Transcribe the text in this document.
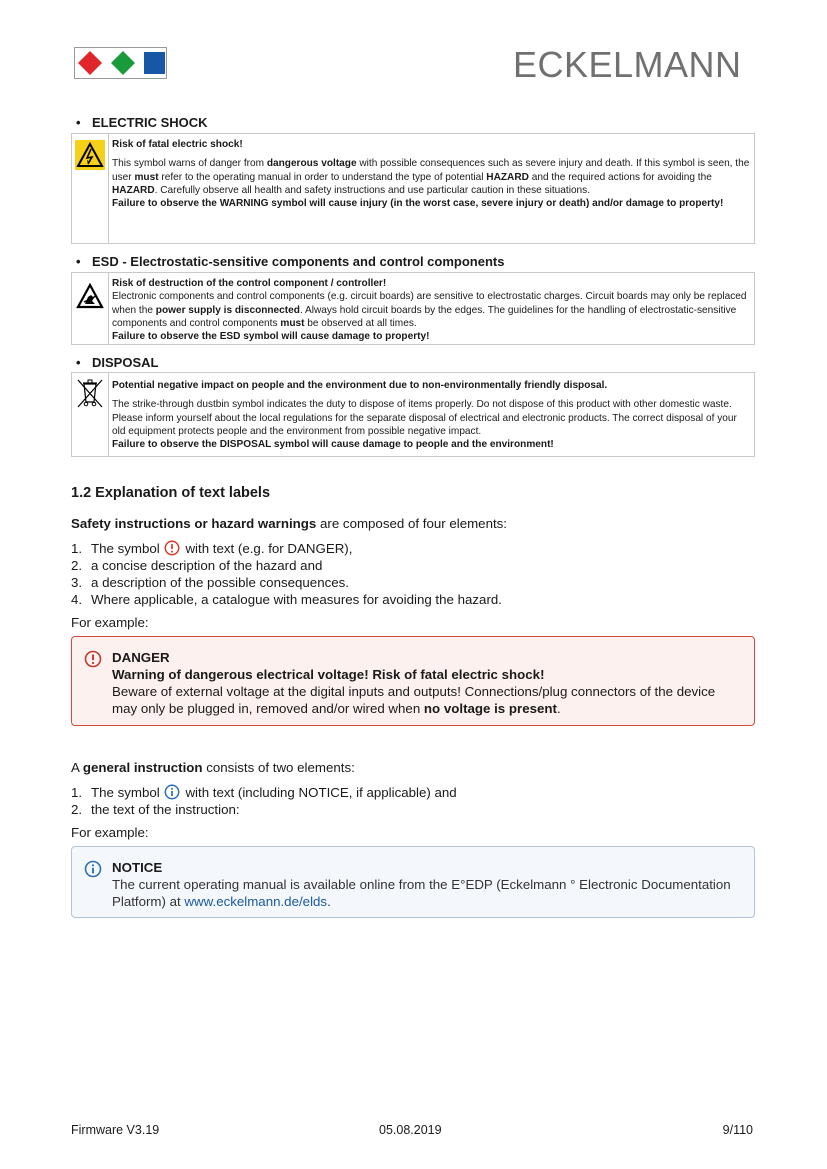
ECKELMANN
• ELECTRIC SHOCK

Risk of fatal electric shock!

This symbol warns of danger from dangerous voltage with possible consequences such as severe injury and death. If this symbol is seen, the user must refer to the operating manual in order to understand the type of potential HAZARD and the required actions for avoiding the HAZARD. Carefully observe all health and safety instructions and use particular caution in these situations.

Failure to observe the WARNING symbol will cause injury (in the worst case, severe injury or death) and/or damage to property!

• ESD - Electrostatic-sensitive components and control components

Risk of destruction of the control component / controller!

Electronic components and control components (e.g. circuit boards) are sensitive to electrostatic charges. Circuit boards may only be replaced when the power supply is disconnected. Always hold circuit boards by the edges. The guidelines for the handling of electrostatic-sensitive components and control components must be observed at all times.

Failure to observe the ESD symbol will cause damage to property!

• DISPOSAL

Potential negative impact on people and the environment due to non-environmentally friendly disposal.

The strike-through dustbin symbol indicates the duty to dispose of items properly. Do not dispose of this product with other domestic waste. Please inform yourself about the local regulations for the separate disposal of electrical and electronic products. The correct disposal of your old equipment protects people and the environment from possible negative impact.

Failure to observe the DISPOSAL symbol will cause damage to people and the environment!

1.2 Explanation of text labels
Safety instructions or hazard warnings are composed of four elements:
1. The symbol with text (e.g. for DANGER),
2. a concise description of the hazard and
3. a description of the possible consequences.
4. Where applicable, a catalogue with measures for avoiding the hazard.
For example:
DANGER
Warning of dangerous electrical voltage! Risk of fatal electric shock!
Beware of external voltage at the digital inputs and outputs! Connections/plug connectors of the device may only be plugged in, removed and/or wired when no voltage is present.
A general instruction consists of two elements:
1. The symbol with text (including NOTICE, if applicable) and
2. the text of the instruction:
For example:
NOTICE
The current operating manual is available online from the E°EDP (Eckelmann ° Electronic Documentation Platform) at www.eckelmann.de/elds.
Firmware V3.19	05.08.2019	9/110
